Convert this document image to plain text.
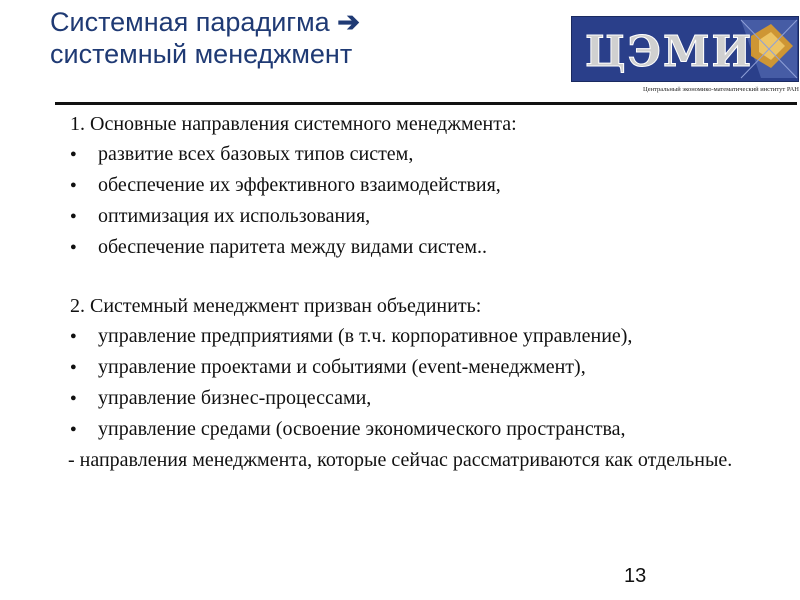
Системная парадигма ➔
системный менеджмент	ЦЭМИ
Центральный экономико-математический институт РАН
1. Основные направления системного менеджмента:
● развитие всех базовых типов систем,
● обеспечение их эффективного взаимодействия,
● оптимизация их использования,
● обеспечение паритета между видами систем..
2. Системный менеджмент призван объединить:
● управление предприятиями (в т.ч. корпоративное управление),
● управление проектами и событиями (event-менеджмент),
● управление бизнес-процессами,
● управление средами (освоение экономического пространства,
- направления менеджмента, которые сейчас рассматриваются как отдельные.
13
